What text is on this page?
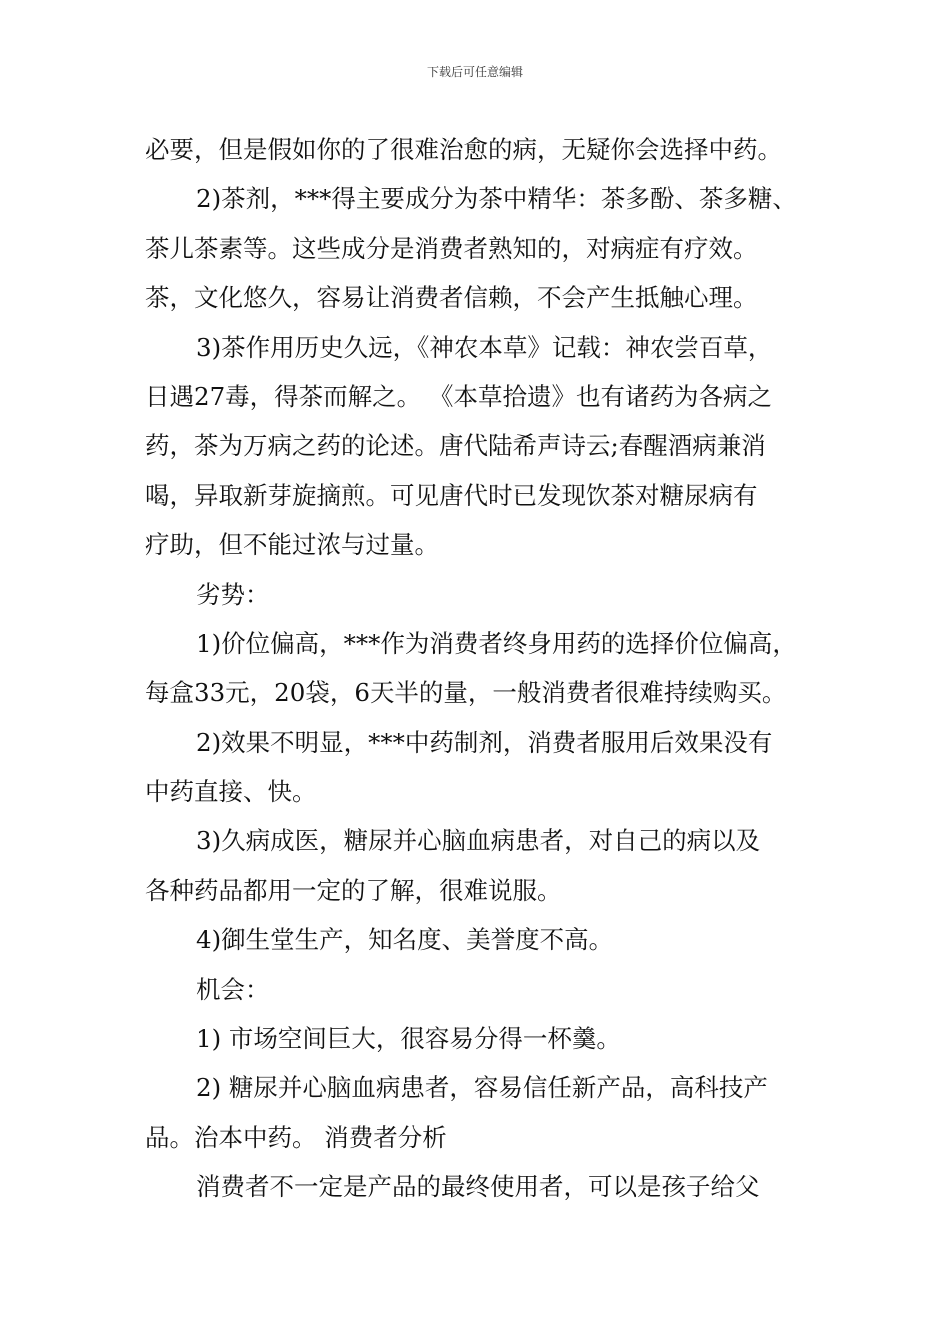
下载后可任意编辑
必要，但是假如你的了很难治愈的病，无疑你会选择中药。
2)茶剂，***得主要成分为茶中精华：茶多酚、茶多糖、
茶儿茶素等。这些成分是消费者熟知的，对病症有疗效。
茶，文化悠久，容易让消费者信赖，不会产生抵触心理。
3)茶作用历史久远，《神农本草》记载：神农尝百草，
日遇27毒，得茶而解之。 《本草拾遗》也有诸药为各病之
药，茶为万病之药的论述。唐代陆希声诗云;春醒酒病兼消
喝，异取新芽旋摘煎。可见唐代时已发现饮茶对糖尿病有
疗助，但不能过浓与过量。
劣势：
1)价位偏高，***作为消费者终身用药的选择价位偏高，
每盒33元，20袋，6天半的量，一般消费者很难持续购买。
2)效果不明显，***中药制剂，消费者服用后效果没有
中药直接、快。
3)久病成医，糖尿并心脑血病患者，对自己的病以及
各种药品都用一定的了解，很难说服。
4)御生堂生产，知名度、美誉度不高。
机会：
1) 市场空间巨大，很容易分得一杯羹。
2) 糖尿并心脑血病患者，容易信任新产品，高科技产
品。治本中药。 消费者分析
消费者不一定是产品的最终使用者，可以是孩子给父
